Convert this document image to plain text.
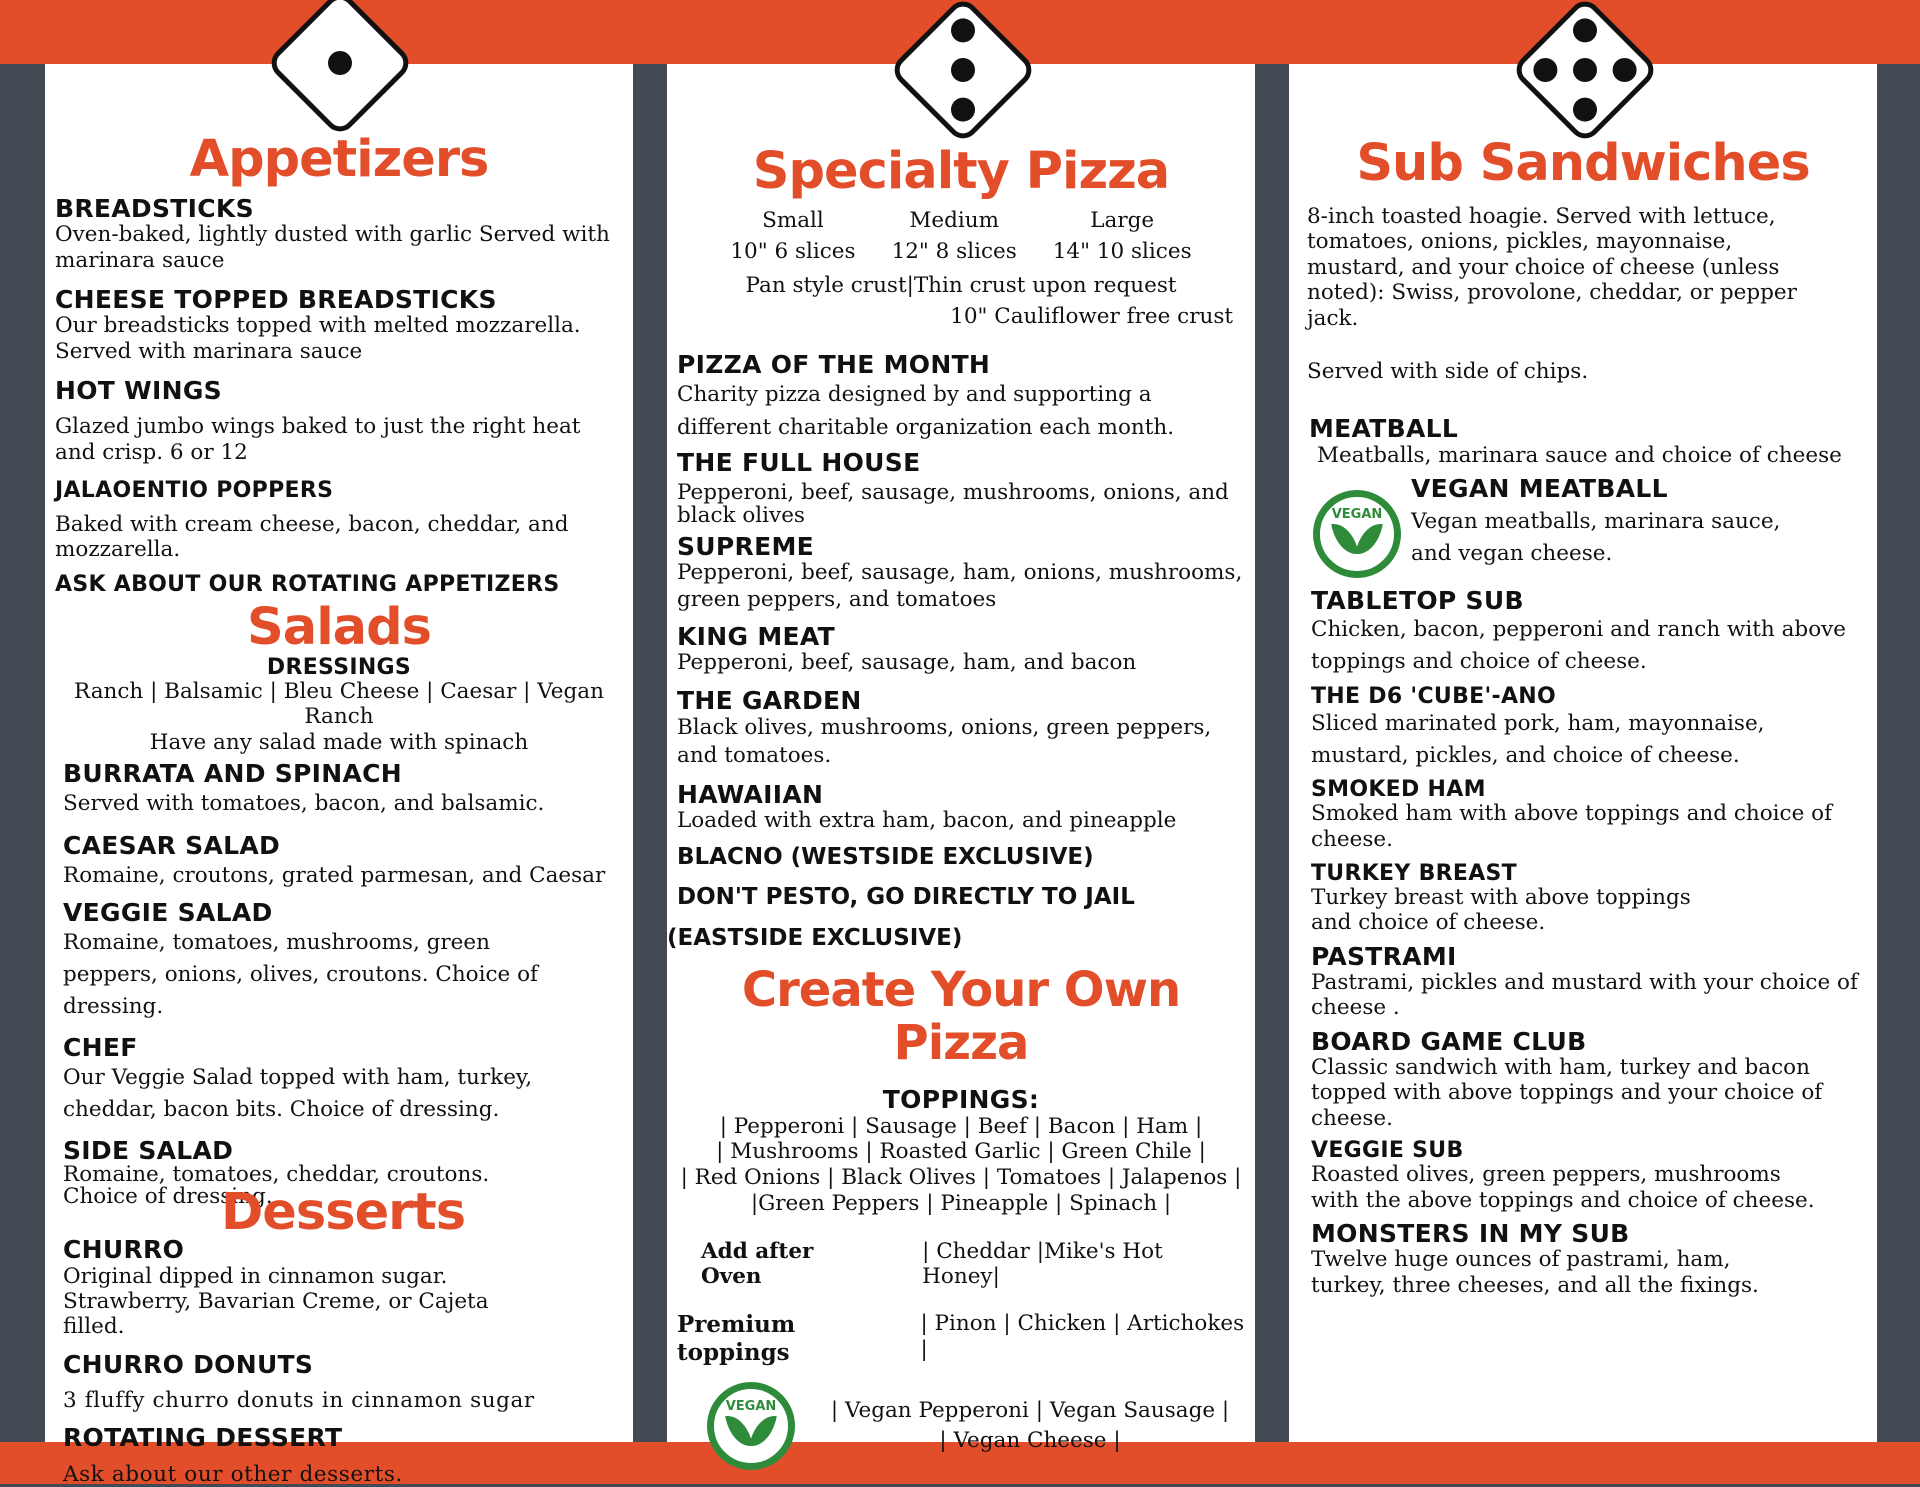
Appetizers

BREADSTICKS

Oven-baked, lightly dusted with garlic Served with marinara sauce

CHEESE TOPPED BREADSTICKS

Our breadsticks topped with melted mozzarella. Served with marinara sauce

HOT WINGS

Glazed jumbo wings baked to just the right heat and crisp. 6 or 12

JALAOENTIO POPPERS

Baked with cream cheese, bacon, cheddar, and mozzarella.

ASK ABOUT OUR ROTATING APPETIZERS

Salads

DRESSINGS

Ranch | Balsamic | Bleu Cheese | Caesar | Vegan Ranch

Have any salad made with spinach

BURRATA AND SPINACH

Served with tomatoes, bacon, and balsamic.

CAESAR SALAD

Romaine, croutons, grated parmesan, and Caesar

VEGGIE SALAD

Romaine, tomatoes, mushrooms, green peppers, onions, olives, croutons. Choice of dressing.

CHEF

Our Veggie Salad topped with ham, turkey, cheddar, bacon bits. Choice of dressing.

SIDE SALAD

Romaine, tomatoes, cheddar, croutons. Choice of dressing.

Desserts

CHURRO

Original dipped in cinnamon sugar. Strawberry, Bavarian Creme, or Cajeta filled.

CHURRO DONUTS

3 fluffy churro donuts in cinnamon sugar

ROTATING DESSERT

Ask about our other desserts.

Specialty Pizza

Small

10" 6 slices

Medium

12" 8 slices

Large

14" 10 slices

Pan style crust|Thin crust upon request

10" Cauliflower free crust

PIZZA OF THE MONTH

Charity pizza designed by and supporting a different charitable organization each month.

THE FULL HOUSE

Pepperoni, beef, sausage, mushrooms, onions, and black olives

SUPREME

Pepperoni, beef, sausage, ham, onions, mushrooms, green peppers, and tomatoes

KING MEAT

Pepperoni, beef, sausage, ham, and bacon

THE GARDEN

Black olives, mushrooms, onions, green peppers, and tomatoes.

HAWAIIAN

Loaded with extra ham, bacon, and pineapple

BLACNO (WESTSIDE EXCLUSIVE)

DON'T PESTO, GO DIRECTLY TO JAIL

(EASTSIDE EXCLUSIVE)

Create Your Own Pizza

TOPPINGS:

| Pepperoni | Sausage | Beef | Bacon | Ham |

| Mushrooms | Roasted Garlic | Green Chile |

| Red Onions | Black Olives | Tomatoes | Jalapenos |

|Green Peppers | Pineapple | Spinach |

Add after Oven
| Cheddar |Mike's Hot Honey|
Premium toppings
| Pinon | Chicken | Artichokes |
VEGAN	| Vegan Pepperoni | Vegan Sausage |

| Vegan Cheese |

Sub Sandwiches

8-inch toasted hoagie. Served with lettuce, tomatoes, onions, pickles, mayonnaise, mustard, and your choice of cheese (unless noted): Swiss, provolone, cheddar, or pepper jack.

Served with side of chips.

MEATBALL

Meatballs, marinara sauce and choice of cheese

VEGAN

VEGAN MEATBALL

Vegan meatballs, marinara sauce, and vegan cheese.

TABLETOP SUB

Chicken, bacon, pepperoni and ranch with above toppings and choice of cheese.

THE D6 'CUBE'-ANO

Sliced marinated pork, ham, mayonnaise, mustard, pickles, and choice of cheese.

SMOKED HAM

Smoked ham with above toppings and choice of cheese.

TURKEY BREAST

Turkey breast with above toppings and choice of cheese.

PASTRAMI

Pastrami, pickles and mustard with your choice of cheese .

BOARD GAME CLUB

Classic sandwich with ham, turkey and bacon topped with above toppings and your choice of cheese.

VEGGIE SUB

Roasted olives, green peppers, mushrooms with the above toppings and choice of cheese.

MONSTERS IN MY SUB

Twelve huge ounces of pastrami, ham, turkey, three cheeses, and all the fixings.
